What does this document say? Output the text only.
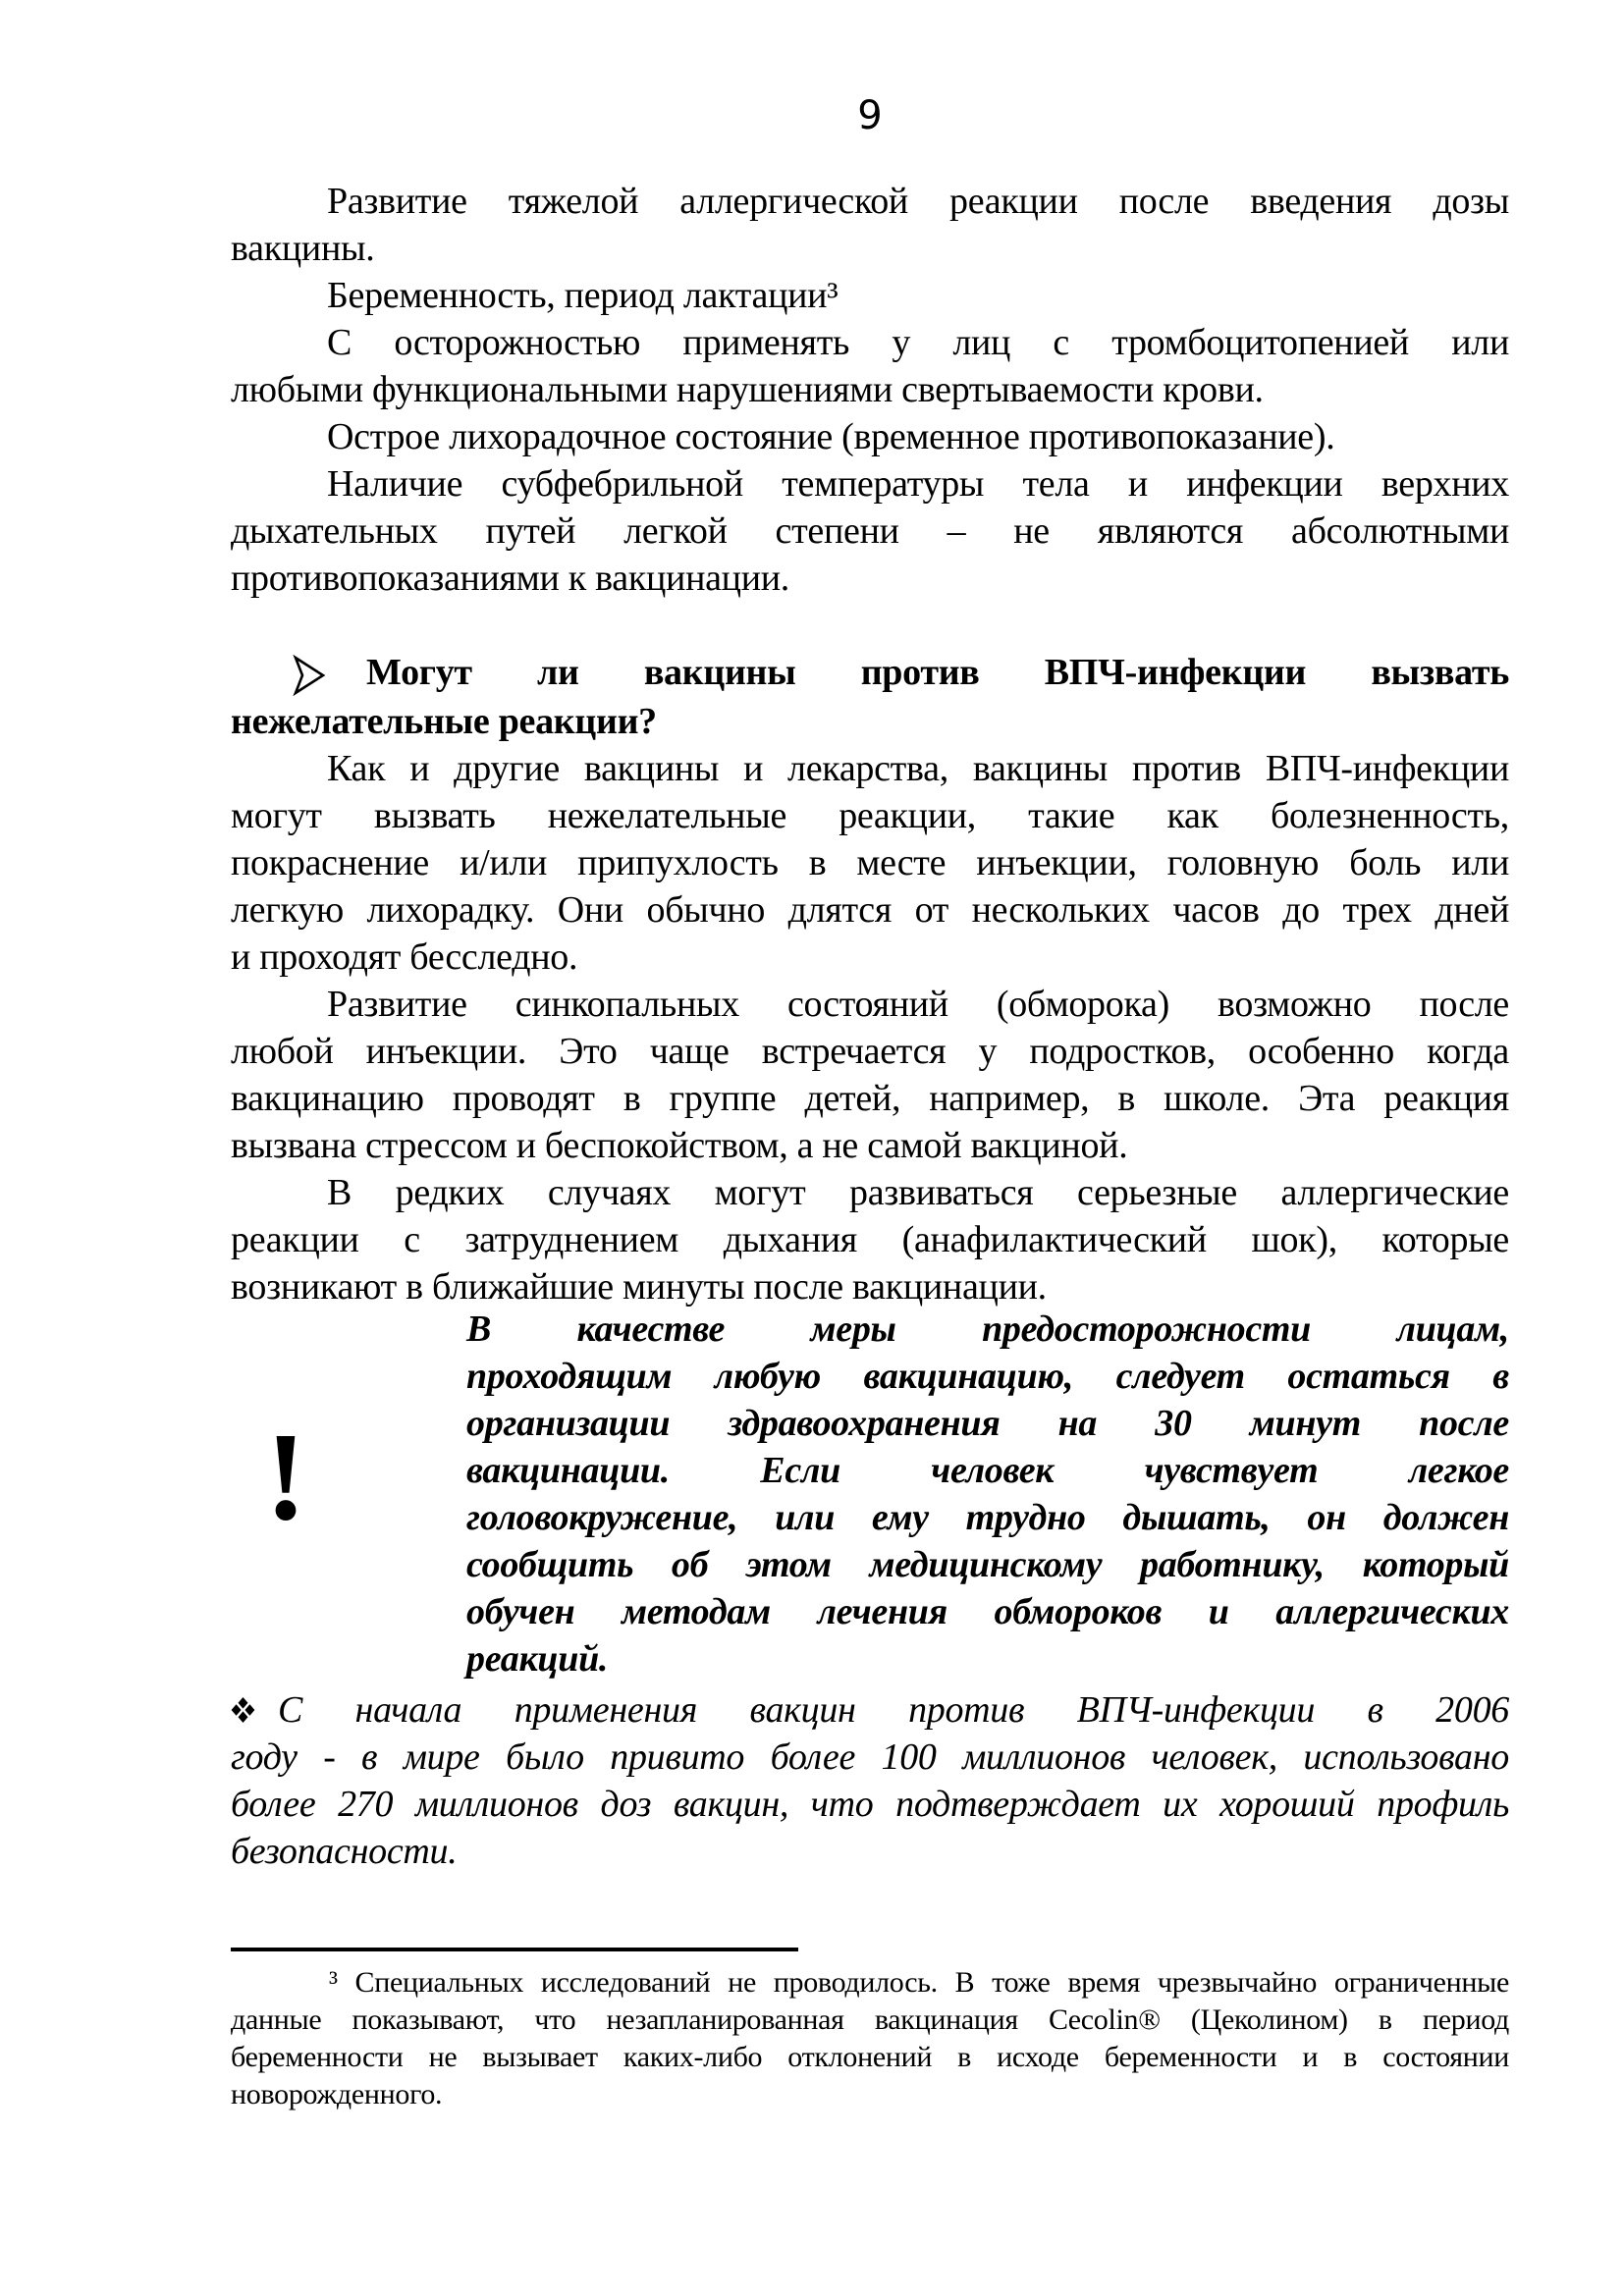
9
Развитие тяжелой аллергической реакции после введения дозы
вакцины.
Беременность, период лактации³
С осторожностью применять у лиц с тромбоцитопенией или
любыми функциональными нарушениями свертываемости крови.
Острое лихорадочное состояние (временное противопоказание).
Наличие субфебрильной температуры тела и инфекции верхних
дыхательных путей легкой степени – не являются абсолютными
противопоказаниями к вакцинации.
Могут ли вакцины против ВПЧ-инфекции вызвать
нежелательные реакции?
Как и другие вакцины и лекарства, вакцины против ВПЧ-инфекции
могут вызвать нежелательные реакции, такие как болезненность,
покраснение и/или припухлость в месте инъекции, головную боль или
легкую лихорадку. Они обычно длятся от нескольких часов до трех дней
и проходят бесследно.
Развитие синкопальных состояний (обморока) возможно после
любой инъекции. Это чаще встречается у подростков, особенно когда
вакцинацию проводят в группе детей, например, в школе. Эта реакция
вызвана стрессом и беспокойством, а не самой вакциной.
В редких случаях могут развиваться серьезные аллергические
реакции с затруднением дыхания (анафилактический шок), которые
возникают в ближайшие минуты после вакцинации.
!
В качестве меры предосторожности лицам,
проходящим любую вакцинацию, следует остаться в
организации здравоохранения на 30 минут после
вакцинации. Если человек чувствует легкое
головокружение, или ему трудно дышать, он должен
сообщить об этом медицинскому работнику, который
обучен методам лечения обмороков и аллергических
реакций.
С начала применения вакцин против ВПЧ-инфекции в 2006
году - в мире было привито более 100 миллионов человек, использовано
более 270 миллионов доз вакцин, что подтверждает их хороший профиль
безопасности.
³ Специальных исследований не проводилось. В тоже время чрезвычайно ограниченные
данные показывают, что незапланированная вакцинация Cecolin® (Цеколином) в период
беременности не вызывает каких-либо отклонений в исходе беременности и в состоянии
новорожденного.
